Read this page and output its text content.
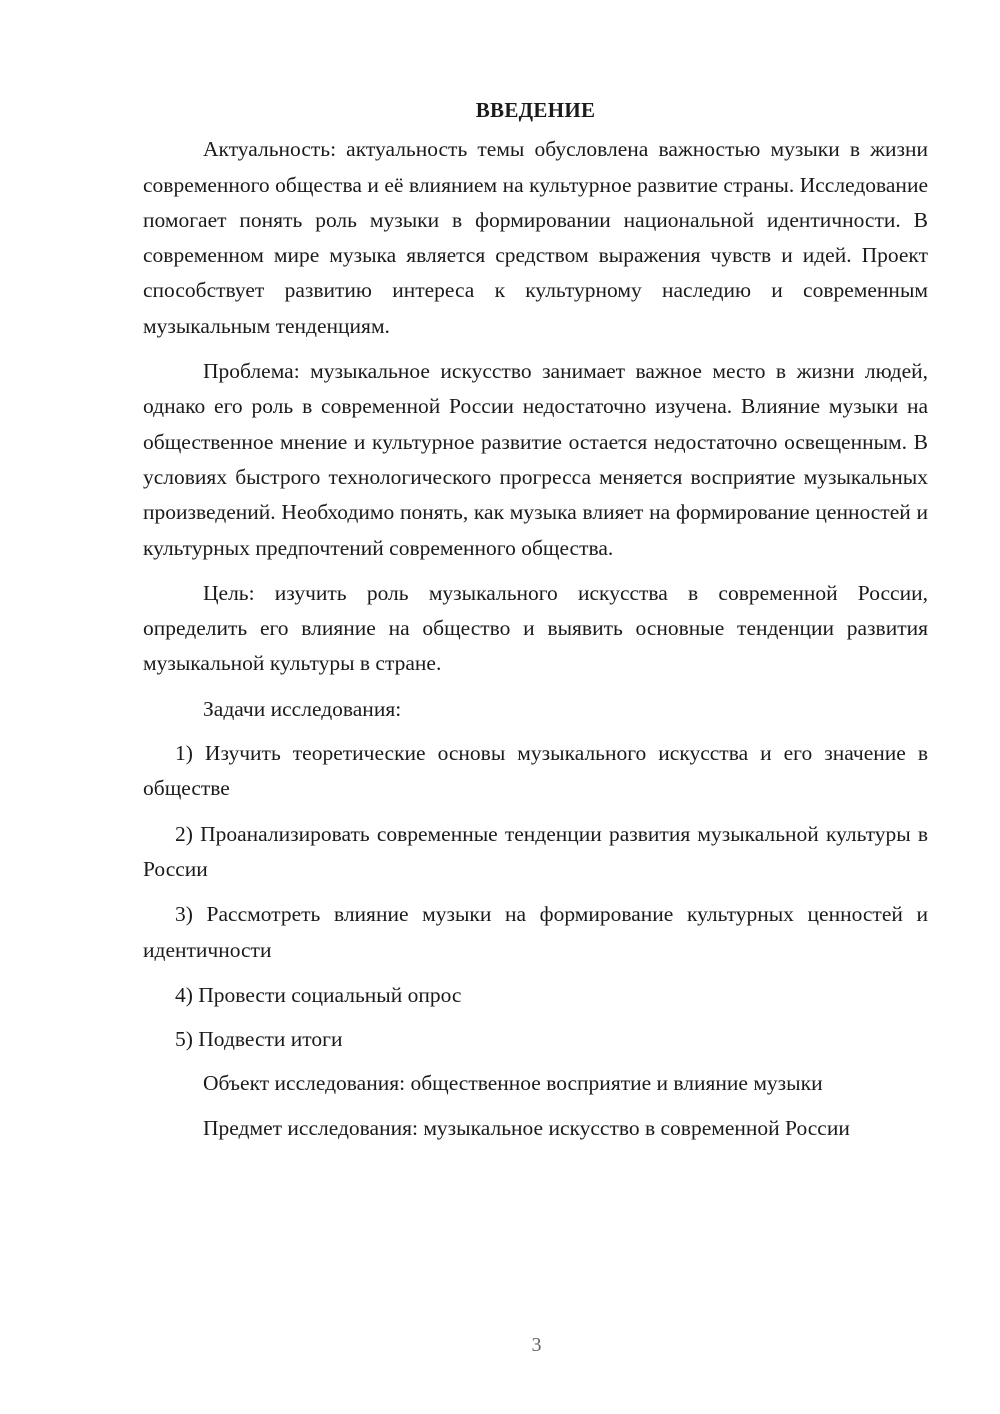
ВВЕДЕНИЕ

Актуальность: актуальность темы обусловлена важностью музыки в жизни современного общества и её влиянием на культурное развитие страны. Исследование помогает понять роль музыки в формировании национальной идентичности. В современном мире музыка является средством выражения чувств и идей. Проект способствует развитию интереса к культурному наследию и современным музыкальным тенденциям.

Проблема: музыкальное искусство занимает важное место в жизни людей, однако его роль в современной России недостаточно изучена. Влияние музыки на общественное мнение и культурное развитие остается недостаточно освещенным. В условиях быстрого технологического прогресса меняется восприятие музыкальных произведений. Необходимо понять, как музыка влияет на формирование ценностей и культурных предпочтений современного общества.

Цель: изучить роль музыкального искусства в современной России, определить его влияние на общество и выявить основные тенденции развития музыкальной культуры в стране.

Задачи исследования:

1) Изучить теоретические основы музыкального искусства и его значение в обществе

2) Проанализировать современные тенденции развития музыкальной культуры в России

3) Рассмотреть влияние музыки на формирование культурных ценностей и идентичности

4) Провести социальный опрос

5) Подвести итоги

Объект исследования: общественное восприятие и влияние музыки

Предмет исследования: музыкальное искусство в современной России

3
